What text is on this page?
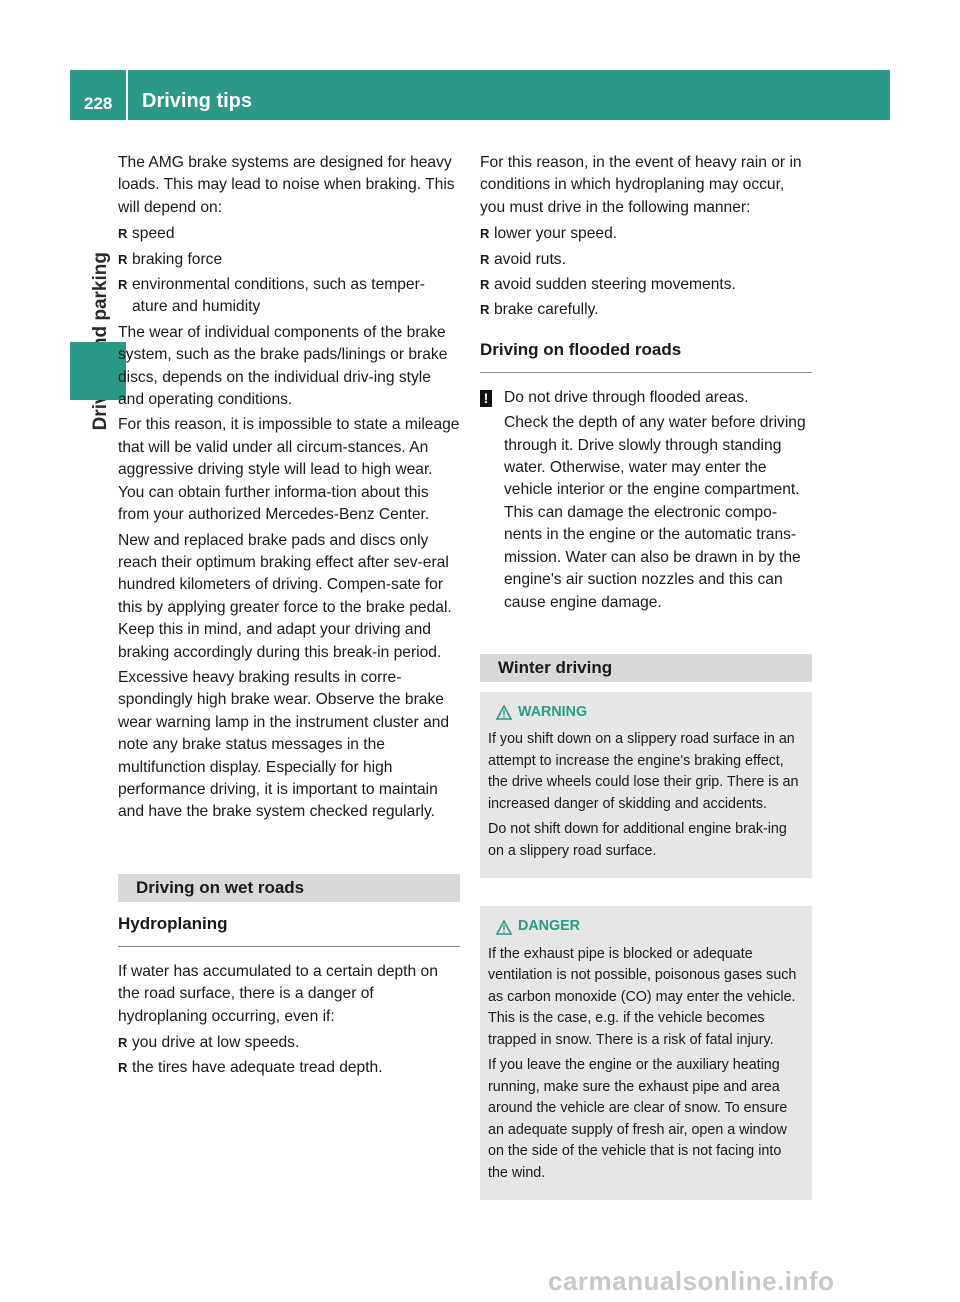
228 Driving tips

The AMG brake systems are designed for heavy loads. This may lead to noise when braking. This will depend on:

R speed
R braking force
R environmental conditions, such as temper-ature and humidity

The wear of individual components of the brake system, such as the brake pads/linings or brake discs, depends on the individual driv-ing style and operating conditions.

For this reason, it is impossible to state a mileage that will be valid under all circum-stances. An aggressive driving style will lead to high wear. You can obtain further informa-tion about this from your authorized Mercedes-Benz Center.

New and replaced brake pads and discs only reach their optimum braking effect after sev-eral hundred kilometers of driving. Compen-sate for this by applying greater force to the brake pedal. Keep this in mind, and adapt your driving and braking accordingly during this break-in period.

Excessive heavy braking results in corre-spondingly high brake wear. Observe the brake wear warning lamp in the instrument cluster and note any brake status messages in the multifunction display. Especially for high performance driving, it is important to maintain and have the brake system checked regularly.

Driving on wet roads
Hydroplaning

If water has accumulated to a certain depth on the road surface, there is a danger of hydroplaning occurring, even if:

R you drive at low speeds.
R the tires have adequate tread depth.

For this reason, in the event of heavy rain or in conditions in which hydroplaning may occur, you must drive in the following manner:

R lower your speed.
R avoid ruts.
R avoid sudden steering movements.
R brake carefully.
Driving on flooded roads
! Do not drive through flooded areas.

Check the depth of any water before driving through it. Drive slowly through standing water. Otherwise, water may enter the vehicle interior or the engine compartment. This can damage the electronic compo-nents in the engine or the automatic trans-mission. Water can also be drawn in by the engine's air suction nozzles and this can cause engine damage.

Winter driving
WARNING

If you shift down on a slippery road surface in an attempt to increase the engine's braking effect, the drive wheels could lose their grip. There is an increased danger of skidding and accidents.

Do not shift down for additional engine brak-ing on a slippery road surface.

DANGER

If the exhaust pipe is blocked or adequate ventilation is not possible, poisonous gases such as carbon monoxide (CO) may enter the vehicle. This is the case, e.g. if the vehicle becomes trapped in snow. There is a risk of fatal injury.

If you leave the engine or the auxiliary heating running, make sure the exhaust pipe and area around the vehicle are clear of snow. To ensure an adequate supply of fresh air, open a window on the side of the vehicle that is not facing into the wind.

carmanualsonline.info
